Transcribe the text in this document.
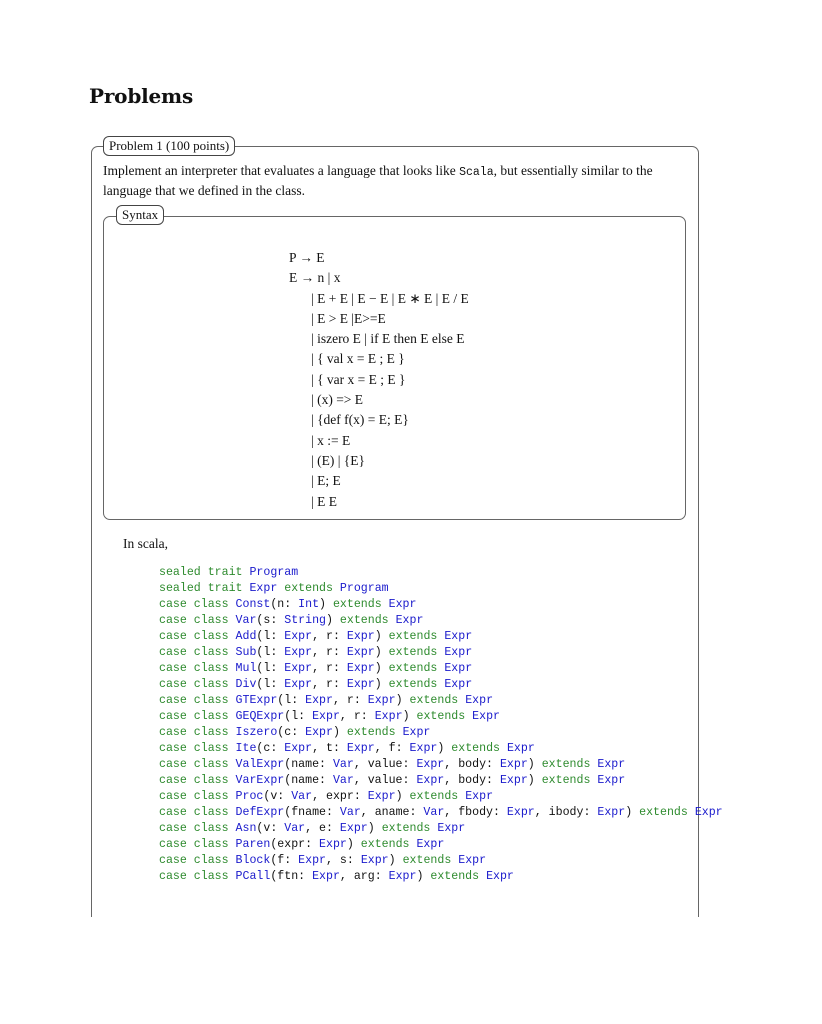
Problems
Problem 1 (100 points)

Implement an interpreter that evaluates a language that looks like Scala, but essentially similar to the language that we defined in the class.

Syntax
P → E
E → n | x
| E + E | E − E | E ∗ E | E / E
| E > E |E>=E
| iszero E | if E then E else E
| { val x = E ; E }
| { var x = E ; E }
| (x) => E
| {def f(x) = E; E}
| x := E
| (E) | {E}
| E; E
| E E

In scala,

sealed trait Program
sealed trait Expr extends Program
case class Const(n: Int) extends Expr
case class Var(s: String) extends Expr
case class Add(l: Expr, r: Expr) extends Expr
case class Sub(l: Expr, r: Expr) extends Expr
case class Mul(l: Expr, r: Expr) extends Expr
case class Div(l: Expr, r: Expr) extends Expr
case class GTExpr(l: Expr, r: Expr) extends Expr
case class GEQExpr(l: Expr, r: Expr) extends Expr
case class Iszero(c: Expr) extends Expr
case class Ite(c: Expr, t: Expr, f: Expr) extends Expr
case class ValExpr(name: Var, value: Expr, body: Expr) extends Expr
case class VarExpr(name: Var, value: Expr, body: Expr) extends Expr
case class Proc(v: Var, expr: Expr) extends Expr
case class DefExpr(fname: Var, aname: Var, fbody: Expr, ibody: Expr) extends Expr
case class Asn(v: Var, e: Expr) extends Expr
case class Paren(expr: Expr) extends Expr
case class Block(f: Expr, s: Expr) extends Expr
case class PCall(ftn: Expr, arg: Expr) extends Expr
